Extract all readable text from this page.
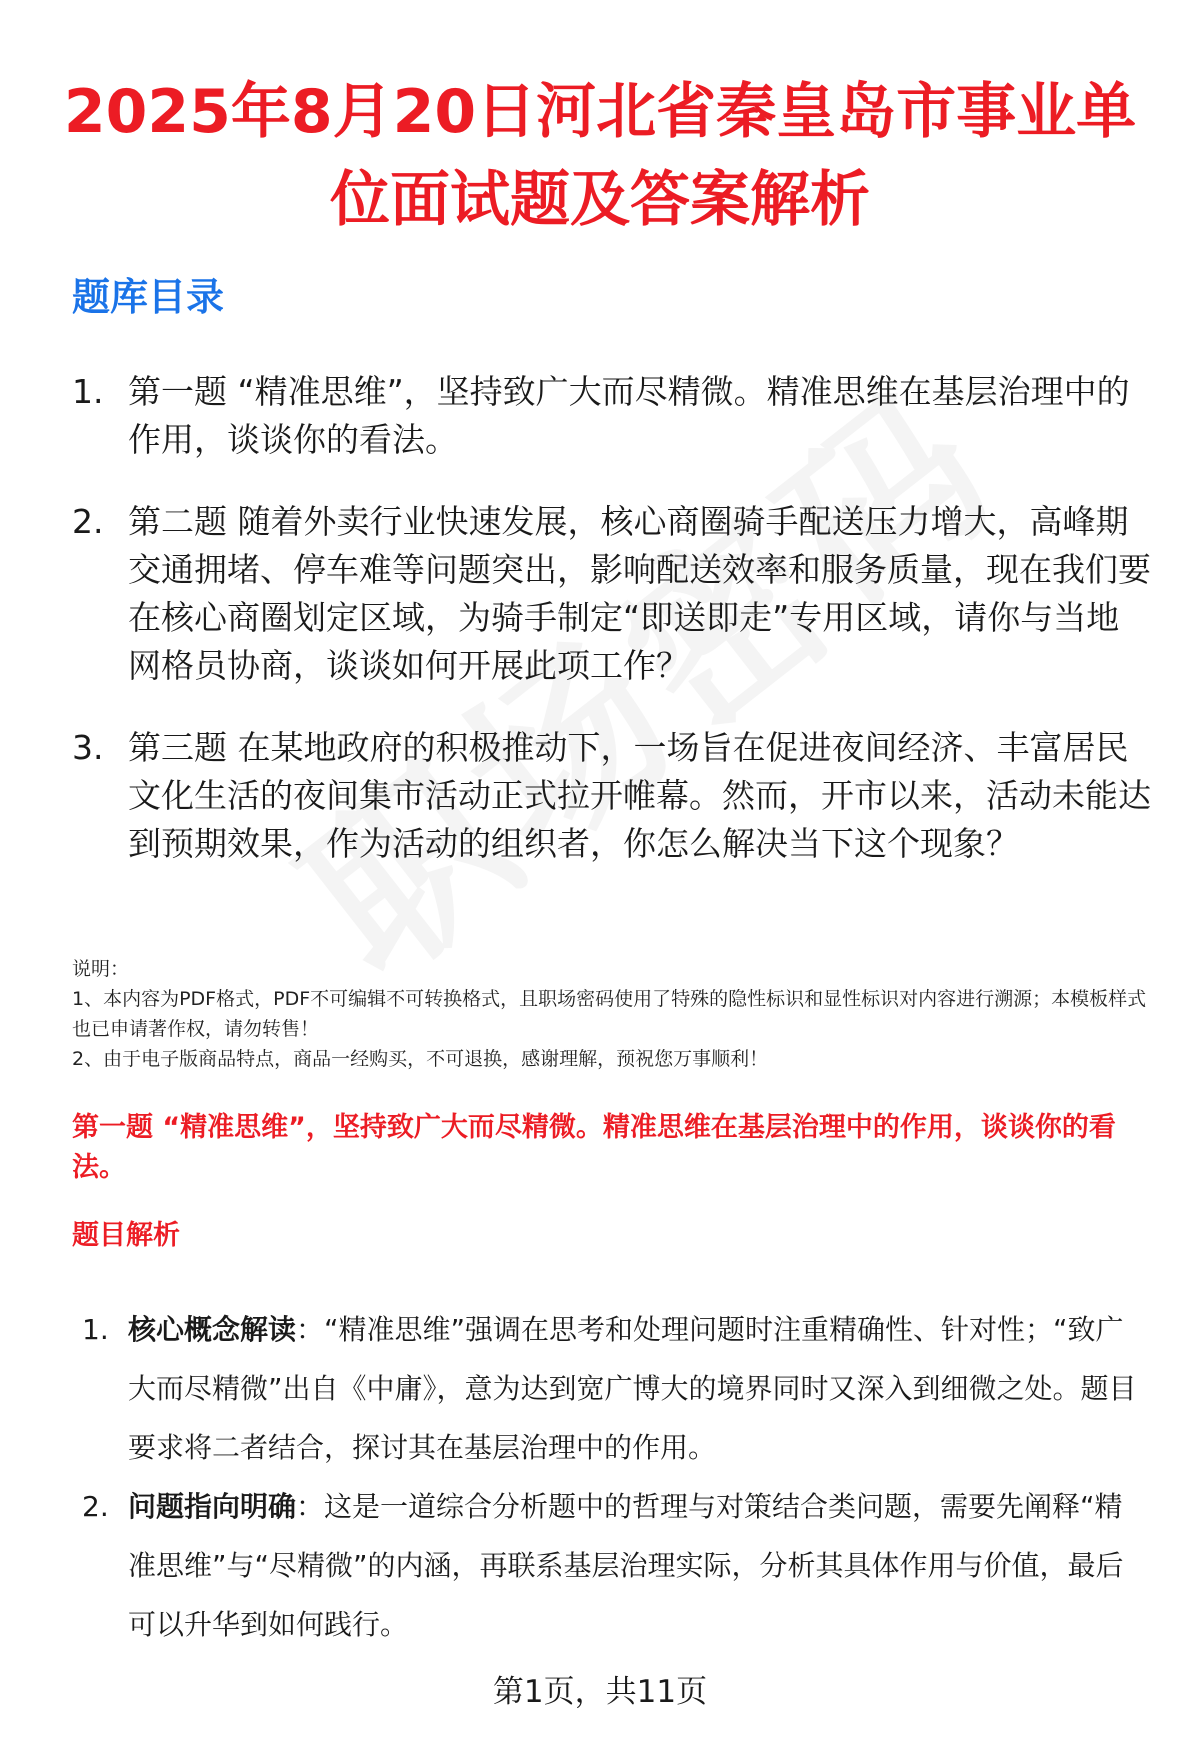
2025年8月20日河北省秦皇岛市事业单位面试题及答案解析
题库目录
1. 第一题 “精准思维”，坚持致广大而尽精微。精准思维在基层治理中的作用，谈谈你的看法。
2. 第二题 随着外卖行业快速发展，核心商圈骑手配送压力增大，高峰期交通拥堵、停车难等问题突出，影响配送效率和服务质量，现在我们要在核心商圈划定区域，为骑手制定“即送即走”专用区域，请你与当地网格员协商，谈谈如何开展此项工作？
3. 第三题 在某地政府的积极推动下，一场旨在促进夜间经济、丰富居民文化生活的夜间集市活动正式拉开帷幕。然而，开市以来，活动未能达到预期效果，作为活动的组织者，你怎么解决当下这个现象？
说明：
1、本内容为PDF格式，PDF不可编辑不可转换格式，且职场密码使用了特殊的隐性标识和显性标识对内容进行溯源；本模板样式也已申请著作权，请勿转售！
2、由于电子版商品特点，商品一经购买，不可退换，感谢理解，预祝您万事顺利！
第一题 “精准思维”，坚持致广大而尽精微。精准思维在基层治理中的作用，谈谈你的看法。
题目解析
1. 核心概念解读：“精准思维”强调在思考和处理问题时注重精确性、针对性；“致广大而尽精微”出自《中庸》，意为达到宽广博大的境界同时又深入到细微之处。题目要求将二者结合，探讨其在基层治理中的作用。
2. 问题指向明确：这是一道综合分析题中的哲理与对策结合类问题，需要先阐释“精准思维”与“尽精微”的内涵，再联系基层治理实际，分析其具体作用与价值，最后可以升华到如何践行。
第1页，共11页
